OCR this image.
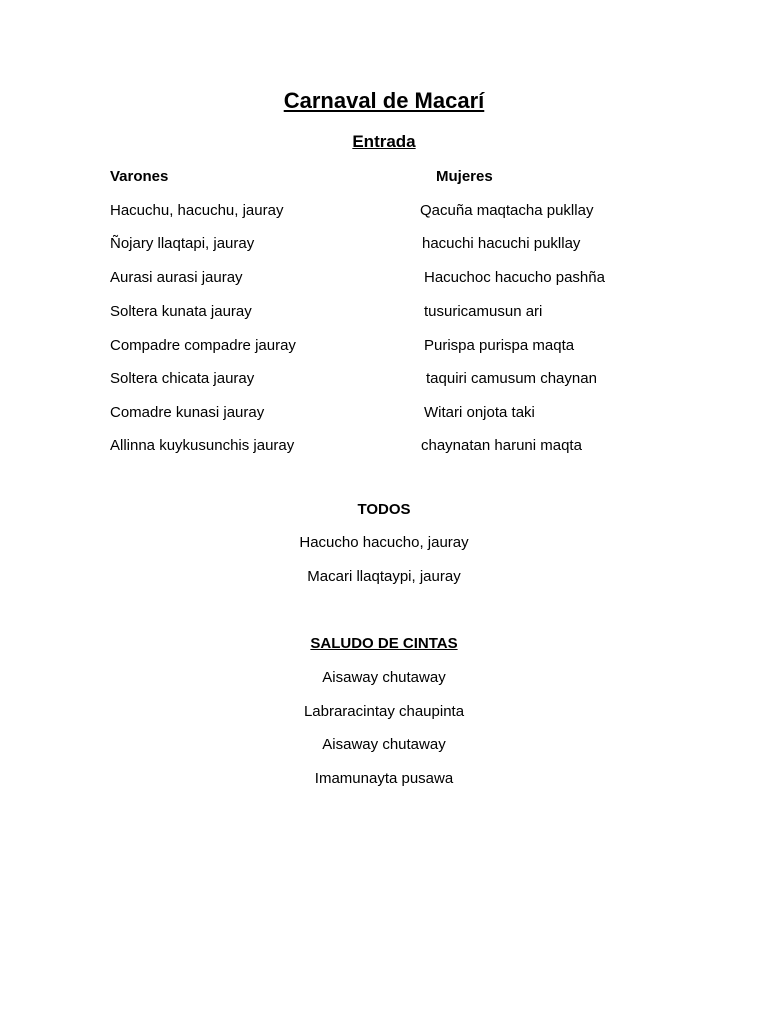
Carnaval de Macarí
Entrada
Varones	Mujeres
Hacuchu, hacuchu, jauray	Qacuña maqtacha pukllay
Ñojary llaqtapi, jauray	hacuchi hacuchi pukllay
Aurasi aurasi jauray	Hacuchoc hacucho pashña
Soltera kunata jauray	tusuricamusun ari
Compadre compadre jauray	Purispa purispa maqta
Soltera chicata jauray	taquiri camusum chaynan
Comadre kunasi jauray	Witari onjota taki
Allinna kuykusunchis jauray	chaynatan haruni maqta
TODOS
Hacucho hacucho, jauray
Macari llaqtaypi, jauray
SALUDO DE CINTAS
Aisaway chutaway
Labraracintay chaupinta
Aisaway chutaway
Imamunayta pusawa
